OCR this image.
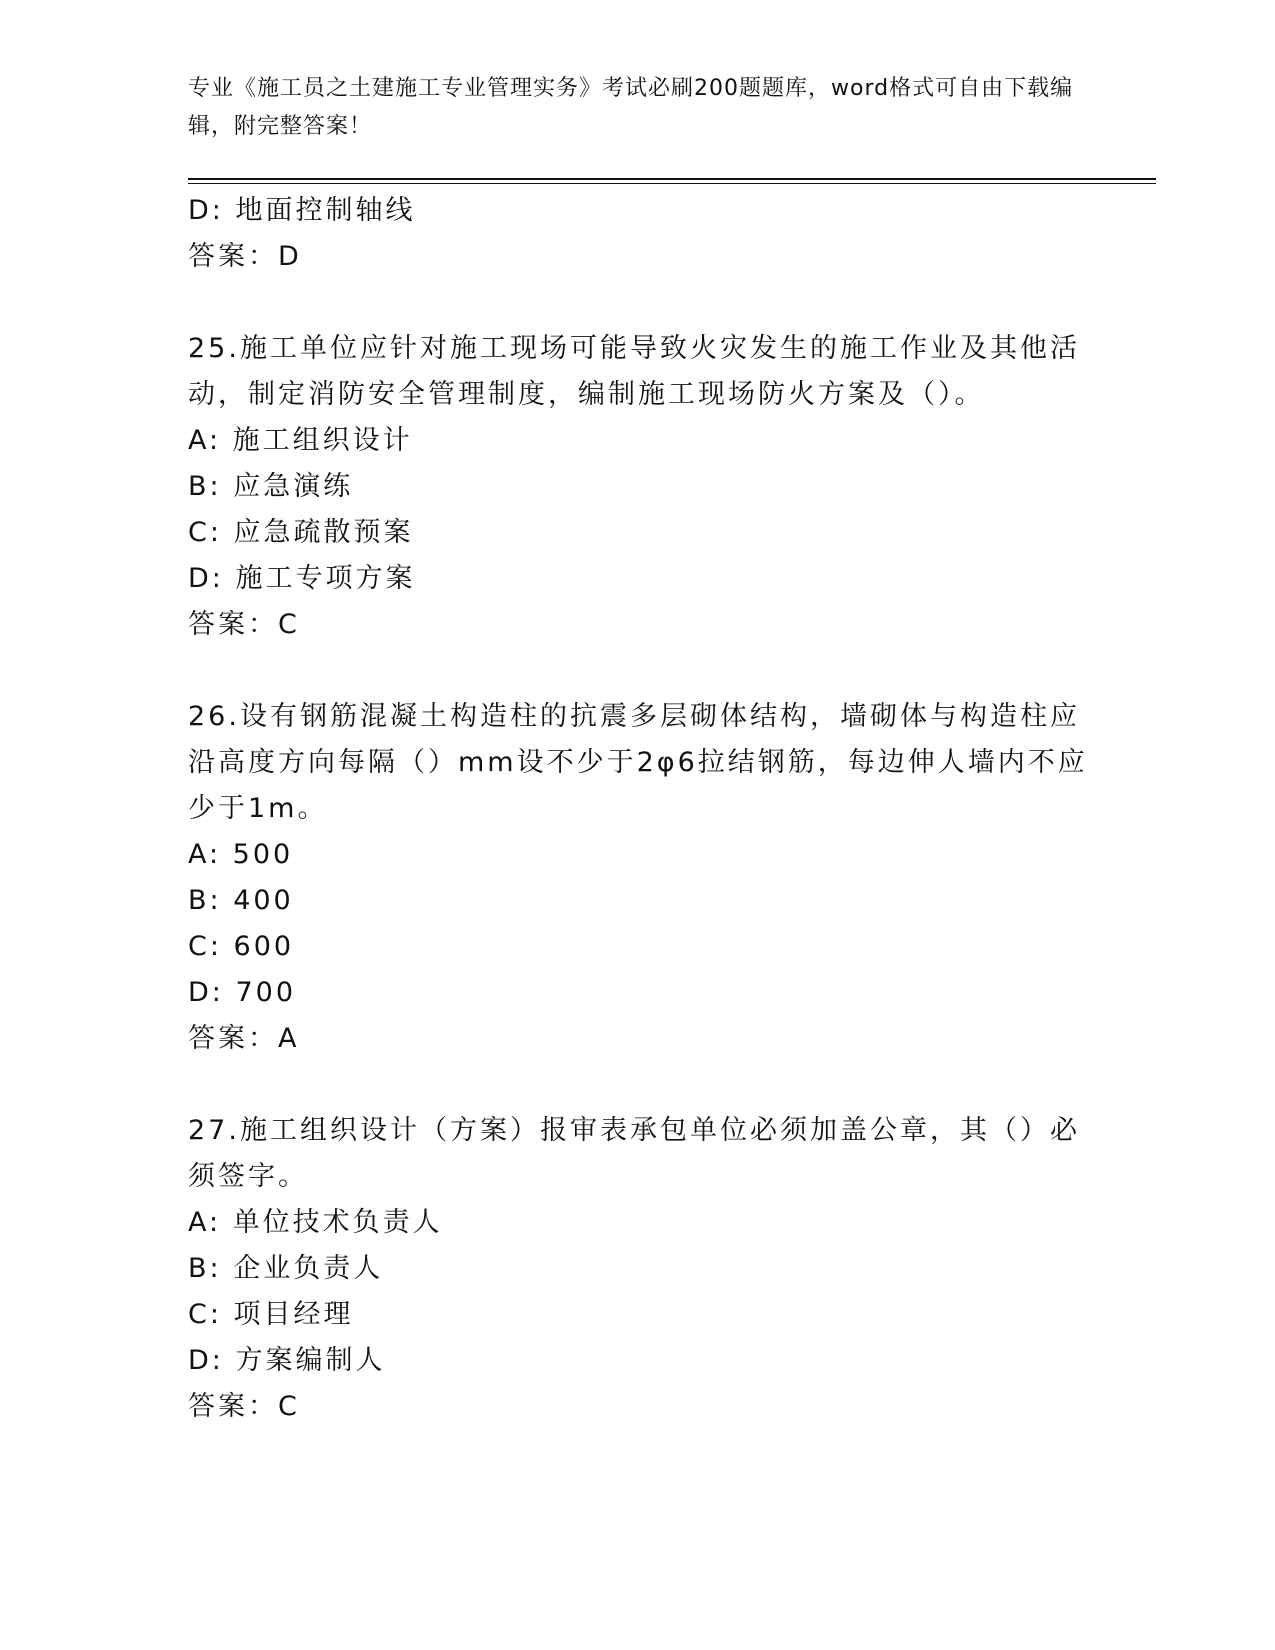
专业《施工员之土建施工专业管理实务》考试必刷200题题库，word格式可自由下载编辑，附完整答案！
D: 地面控制轴线
答案：D
25.施工单位应针对施工现场可能导致火灾发生的施工作业及其他活动，制定消防安全管理制度，编制施工现场防火方案及（）。
A: 施工组织设计
B: 应急演练
C: 应急疏散预案
D: 施工专项方案
答案：C
26.设有钢筋混凝土构造柱的抗震多层砌体结构，墙砌体与构造柱应沿高度方向每隔（）mm设不少于2φ6拉结钢筋，每边伸人墙内不应少于1m。
A: 500
B: 400
C: 600
D: 700
答案：A
27.施工组织设计（方案）报审表承包单位必须加盖公章，其（）必须签字。
A: 单位技术负责人
B: 企业负责人
C: 项目经理
D: 方案编制人
答案：C
